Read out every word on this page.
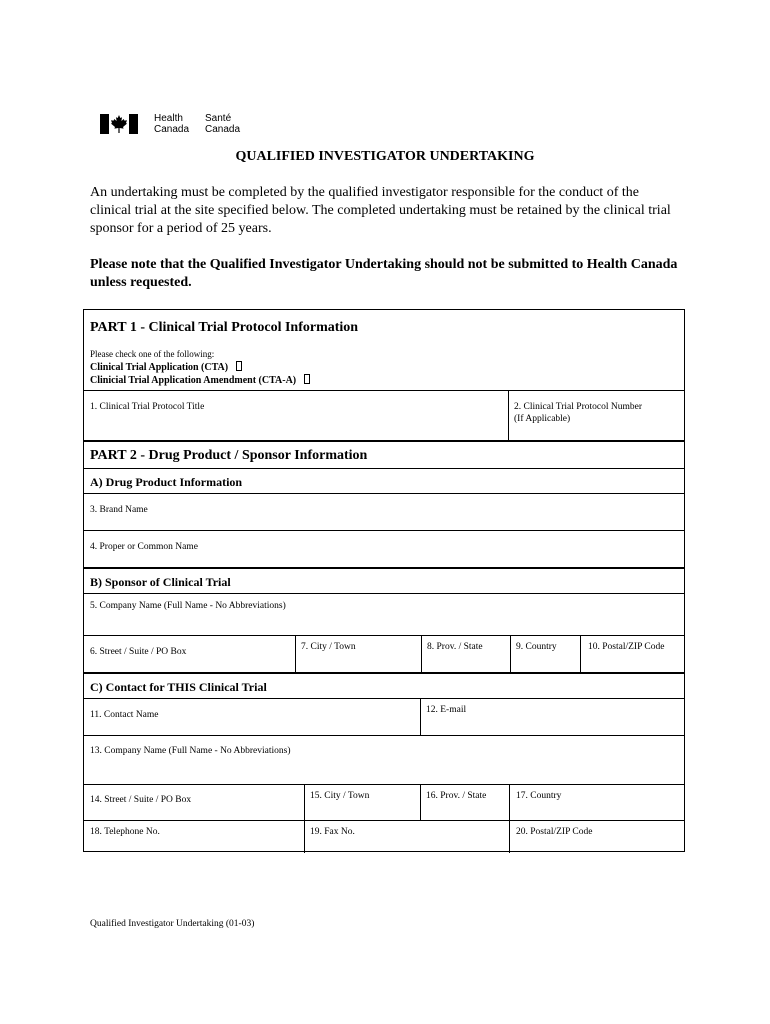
Health
Canada
Santé
Canada
QUALIFIED INVESTIGATOR UNDERTAKING
An undertaking must be completed by the qualified investigator responsible for the conduct of the clinical trial at the site specified below. The completed undertaking must be retained by the clinical trial sponsor for a period of 25 years.
Please note that the Qualified Investigator Undertaking should not be submitted to Health Canada unless requested.
PART 1 - Clinical Trial Protocol Information
Please check one of the following:
Clinical Trial Application (CTA)
Clinicial Trial Application Amendment (CTA-A)
1. Clinical Trial Protocol Title	2. Clinical Trial Protocol Number
(If Applicable)
PART 2 - Drug Product / Sponsor Information
A) Drug Product Information
3. Brand Name
4. Proper or Common Name
B) Sponsor of Clinical Trial
5. Company Name (Full Name - No Abbreviations)
6. Street / Suite / PO Box	7. City / Town	8. Prov. / State	9. Country	10. Postal/ZIP Code
C) Contact for THIS Clinical Trial
11. Contact Name	12. E-mail
13. Company Name (Full Name - No Abbreviations)
14. Street / Suite / PO Box	15. City / Town	16. Prov. / State	17. Country
18. Telephone No.	19. Fax No.	20. Postal/ZIP Code
Qualified Investigator Undertaking (01-03)
